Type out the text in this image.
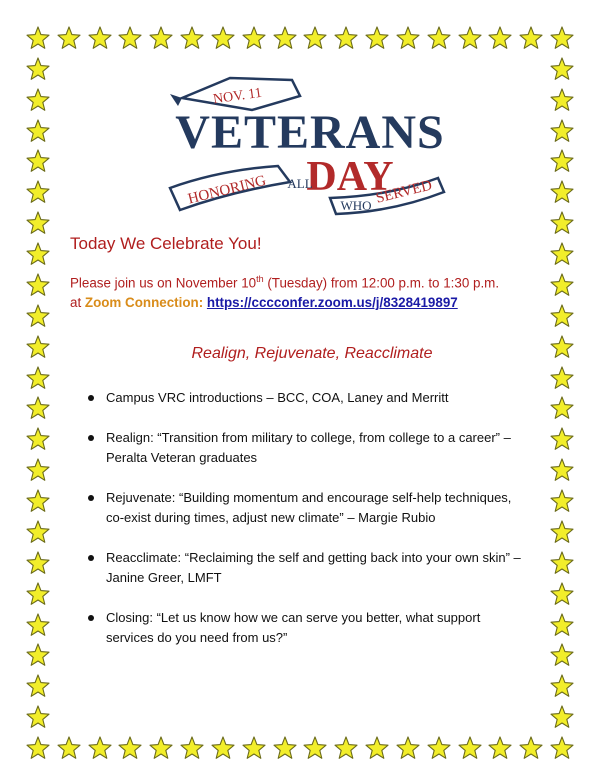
NOV. 11
VETERANS
DAY
HONORING ALL
WHO SERVED
Today We Celebrate You!
Please join us on November 10th (Tuesday) from 12:00 p.m. to 1:30 p.m.
at Zoom Connection: https://cccconfer.zoom.us/j/8328419897
Realign, Rejuvenate, Reacclimate
Campus VRC introductions – BCC, COA, Laney and Merritt
Realign: “Transition from military to college, from college to a career” – Peralta Veteran graduates
Rejuvenate: “Building momentum and encourage self-help techniques, co-exist during times, adjust new climate” – Margie Rubio
Reacclimate: “Reclaiming the self and getting back into your own skin” – Janine Greer, LMFT
Closing: “Let us know how we can serve you better, what support services do you need from us?”
